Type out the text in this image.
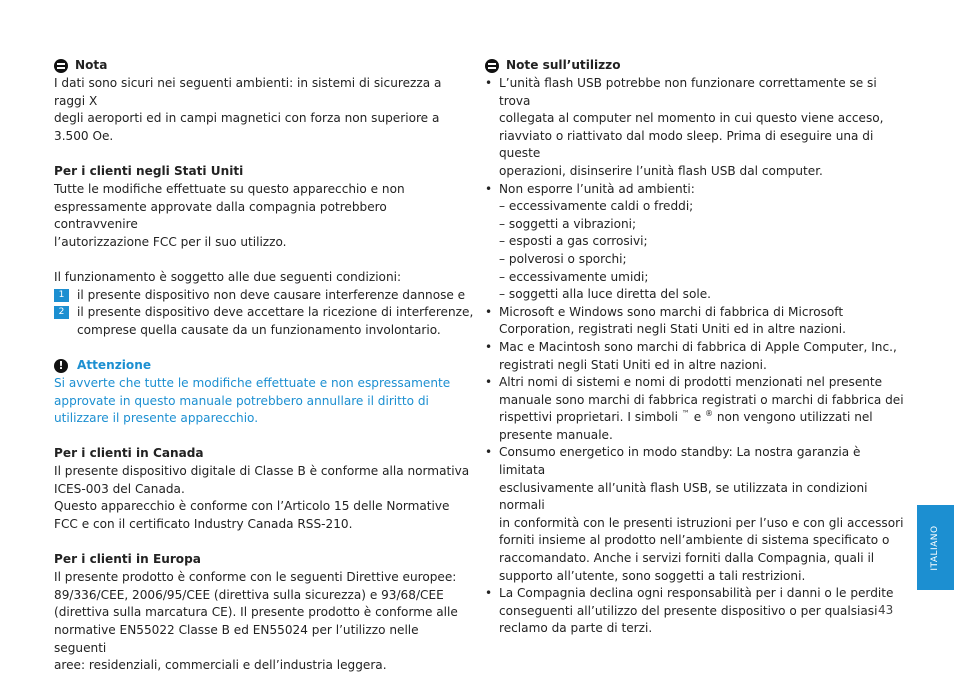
Nota

I dati sono sicuri nei seguenti ambienti: in sistemi di sicurezza a raggi X

degli aeroporti ed in campi magnetici con forza non superiore a 3.500 Oe.

Per i clienti negli Stati Uniti

Tutte le modifiche effettuate su questo apparecchio e non

espressamente approvate dalla compagnia potrebbero contravvenire

l’autorizzazione FCC per il suo utilizzo.

Il funzionamento è soggetto alle due seguenti condizioni:

1	il presente dispositivo non deve causare interferenze dannose e

2	il presente dispositivo deve accettare la ricezione di interferenze,

comprese quella causate da un funzionamento involontario.

!	Attenzione

Si avverte che tutte le modifiche effettuate e non espressamente

approvate in questo manuale potrebbero annullare il diritto di

utilizzare il presente apparecchio.

Per i clienti in Canada

Il presente dispositivo digitale di Classe B è conforme alla normativa

ICES-003 del Canada.

Questo apparecchio è conforme con l’Articolo 15 delle Normative

FCC e con il certificato Industry Canada RSS-210.

Per i clienti in Europa

Il presente prodotto è conforme con le seguenti Direttive europee:

89/336/CEE, 2006/95/CEE (direttiva sulla sicurezza) e 93/68/CEE

(direttiva sulla marcatura CE). Il presente prodotto è conforme alle

normative EN55022 Classe B ed EN55024 per l’utilizzo nelle seguenti

aree: residenziali, commerciali e dell’industria leggera.

Note sull’utilizzo
• L’unità flash USB potrebbe non funzionare correttamente se si trova

collegata al computer nel momento in cui questo viene acceso,

riavviato o riattivato dal modo sleep. Prima di eseguire una di queste

operazioni, disinserire l’unità flash USB dal computer.

• Non esporre l’unità ad ambienti:

– eccessivamente caldi o freddi;

– soggetti a vibrazioni;

– esposti a gas corrosivi;

– polverosi o sporchi;

– eccessivamente umidi;

– soggetti alla luce diretta del sole.

• Microsoft e Windows sono marchi di fabbrica di Microsoft

Corporation, registrati negli Stati Uniti ed in altre nazioni.

• Mac e Macintosh sono marchi di fabbrica di Apple Computer, Inc.,

registrati negli Stati Uniti ed in altre nazioni.

• Altri nomi di sistemi e nomi di prodotti menzionati nel presente

manuale sono marchi di fabbrica registrati o marchi di fabbrica dei

rispettivi proprietari. I simboli ™ e ® non vengono utilizzati nel

presente manuale.

• Consumo energetico in modo standby: La nostra garanzia è limitata

esclusivamente all’unità flash USB, se utilizzata in condizioni normali

in conformità con le presenti istruzioni per l’uso e con gli accessori

forniti insieme al prodotto nell’ambiente di sistema specificato o

raccomandato. Anche i servizi forniti dalla Compagnia, quali il

supporto all’utente, sono soggetti a tali restrizioni.

• La Compagnia declina ogni responsabilità per i danni o le perdite

conseguenti all’utilizzo del presente dispositivo o per qualsiasi

reclamo da parte di terzi.

ITALIANO
43
